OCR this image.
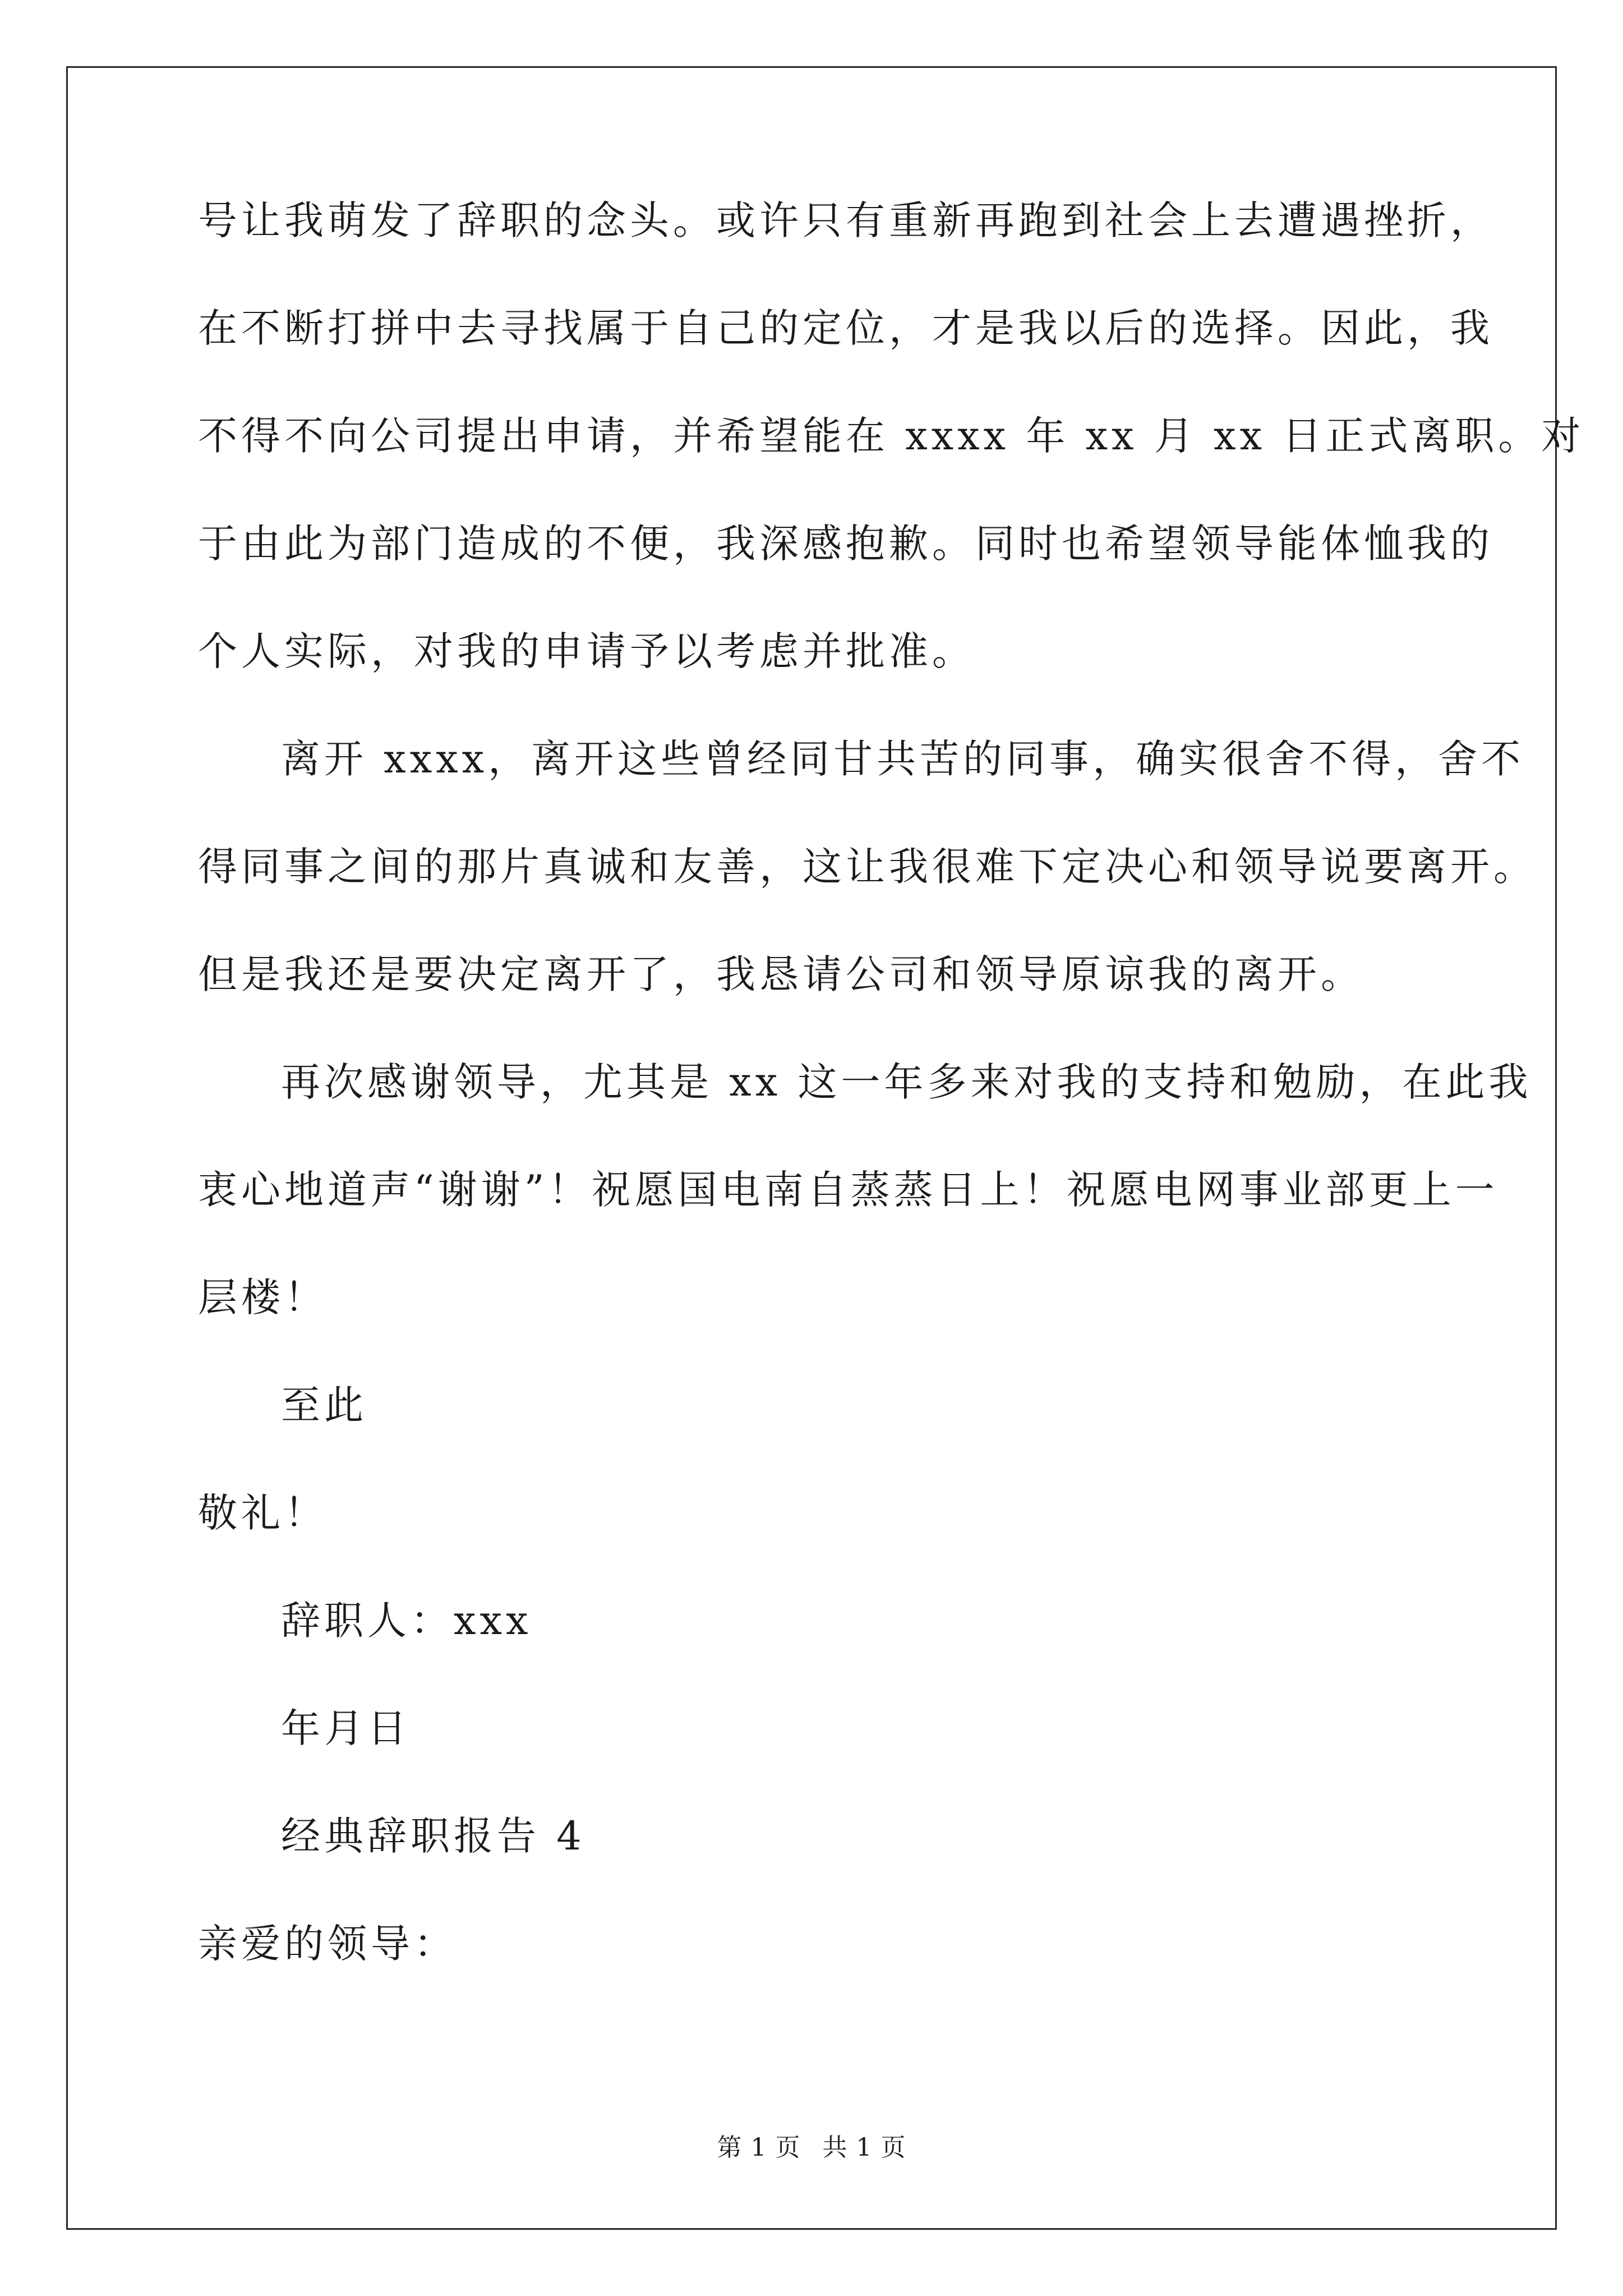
号让我萌发了辞职的念头。或许只有重新再跑到社会上去遭遇挫折，
在不断打拼中去寻找属于自己的定位，才是我以后的选择。因此，我
不得不向公司提出申请，并希望能在 xxxx 年 xx 月 xx 日正式离职。对
于由此为部门造成的不便，我深感抱歉。同时也希望领导能体恤我的
个人实际，对我的申请予以考虑并批准。
离开 xxxx，离开这些曾经同甘共苦的同事，确实很舍不得，舍不
得同事之间的那片真诚和友善，这让我很难下定决心和领导说要离开。
但是我还是要决定离开了，我恳请公司和领导原谅我的离开。
再次感谢领导，尤其是 xx 这一年多来对我的支持和勉励，在此我
衷心地道声“谢谢”！祝愿国电南自蒸蒸日上！祝愿电网事业部更上一
层楼！
至此
敬礼！
辞职人：xxx
年月日
经典辞职报告 4
亲爱的领导：
第 1 页 共 1 页
